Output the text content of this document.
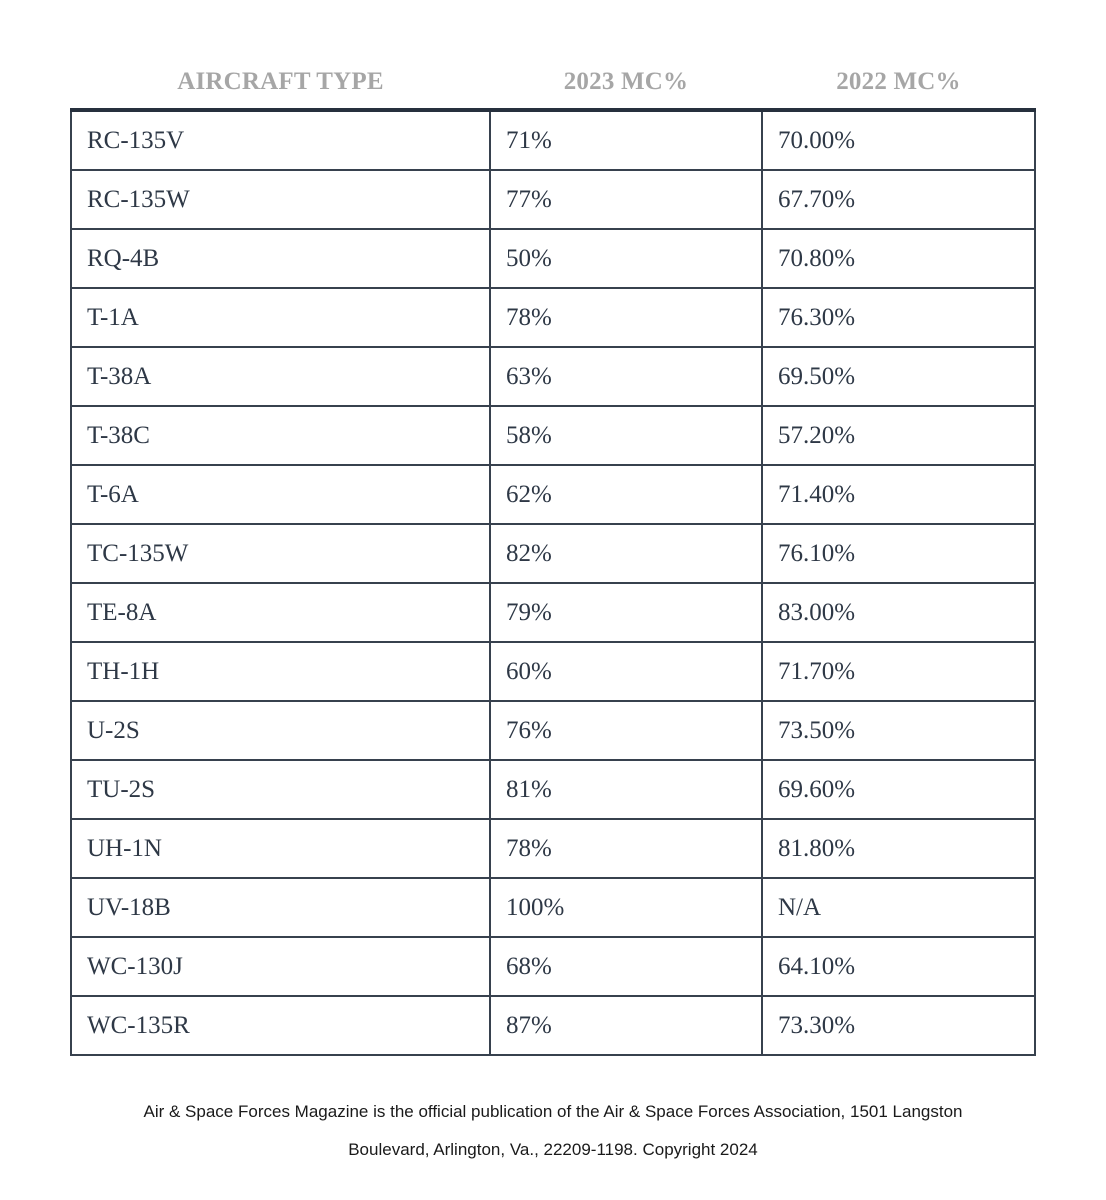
AIRCRAFT TYPE	2023 MC%	2022 MC%
RC-135V	71%	70.00%
RC-135W	77%	67.70%
RQ-4B	50%	70.80%
T-1A	78%	76.30%
T-38A	63%	69.50%
T-38C	58%	57.20%
T-6A	62%	71.40%
TC-135W	82%	76.10%
TE-8A	79%	83.00%
TH-1H	60%	71.70%
U-2S	76%	73.50%
TU-2S	81%	69.60%
UH-1N	78%	81.80%
UV-18B	100%	N/A
WC-130J	68%	64.10%
WC-135R	87%	73.30%
Air & Space Forces Magazine is the official publication of the Air & Space Forces Association, 1501 Langston
Boulevard, Arlington, Va., 22209-1198. Copyright 2024
